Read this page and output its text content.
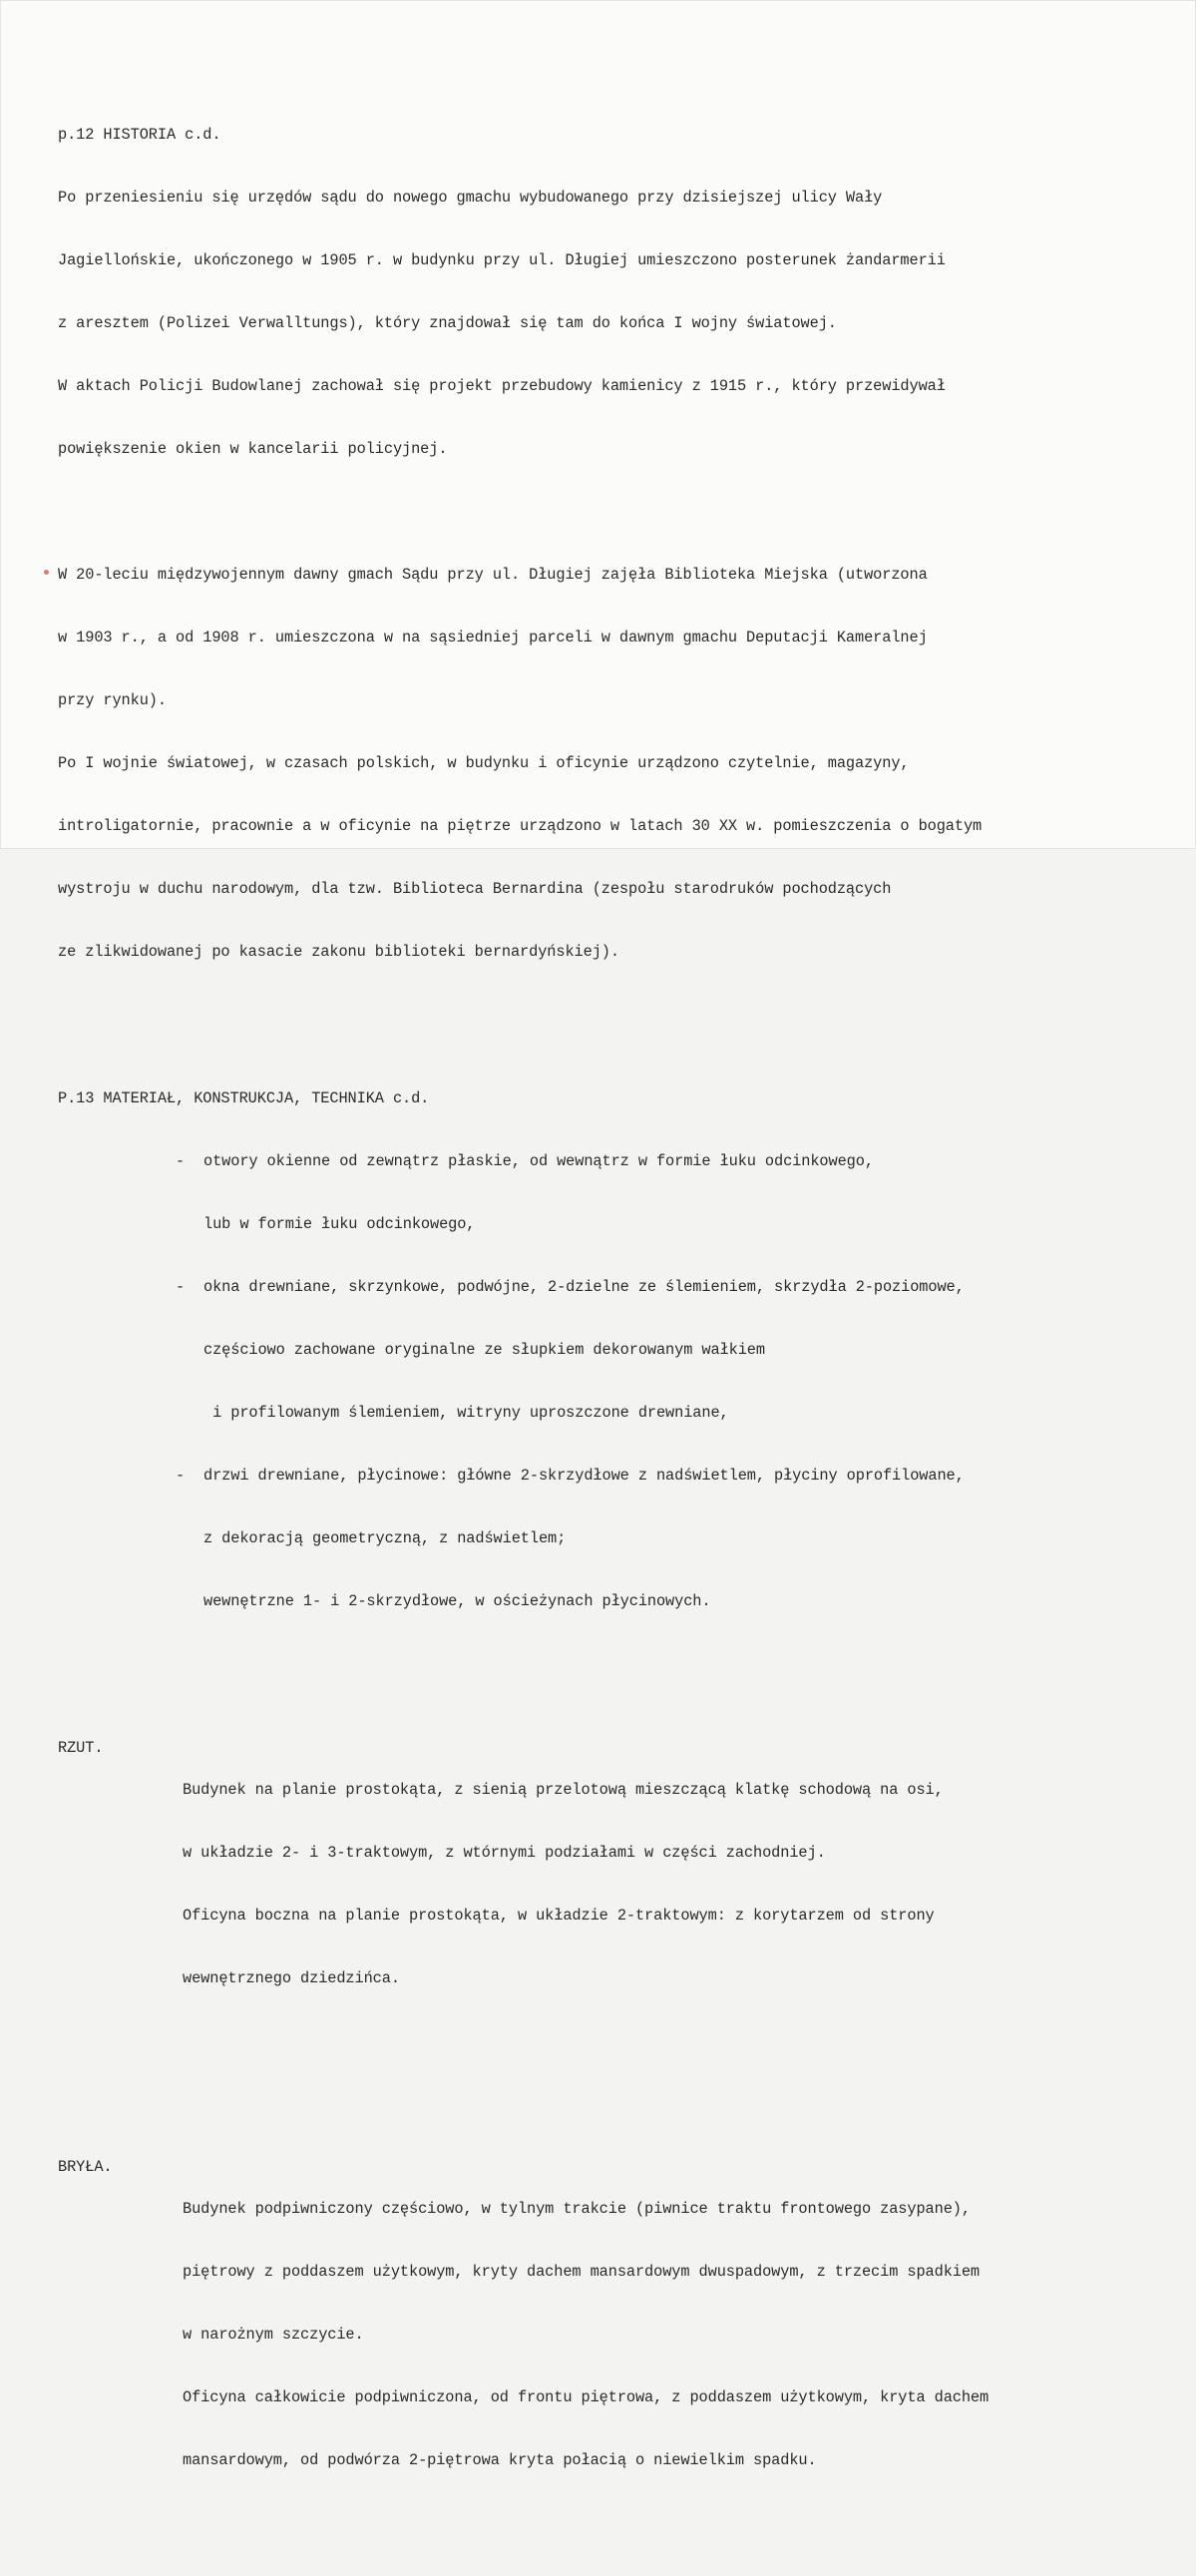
p.12 HISTORIA c.d.

Po przeniesieniu się urzędów sądu do nowego gmachu wybudowanego przy dzisiejszej ulicy Wały

Jagiellońskie, ukończonego w 1905 r. w budynku przy ul. Długiej umieszczono posterunek żandarmerii

z aresztem (Polizei Verwalltungs), który znajdował się tam do końca I wojny światowej.

W aktach Policji Budowlanej zachował się projekt przebudowy kamienicy z 1915 r., który przewidywał

powiększenie okien w kancelarii policyjnej.

W 20-leciu międzywojennym dawny gmach Sądu przy ul. Długiej zajęła Biblioteka Miejska (utworzona

w 1903 r., a od 1908 r. umieszczona w na sąsiedniej parceli w dawnym gmachu Deputacji Kameralnej

przy rynku).

Po I wojnie światowej, w czasach polskich, w budynku i oficynie urządzono czytelnie, magazyny,

introligatornie, pracownie a w oficynie na piętrze urządzono w latach 30 XX w. pomieszczenia o bogatym

wystroju w duchu narodowym, dla tzw. Biblioteca Bernardina (zespołu starodruków pochodzących

ze zlikwidowanej po kasacie zakonu biblioteki bernardyńskiej).

P.13 MATERIAŁ, KONSTRUKCJA, TECHNIKA c.d.

- otwory okienne od zewnątrz płaskie, od wewnątrz w formie łuku odcinkowego,

lub w formie łuku odcinkowego,

- okna drewniane, skrzynkowe, podwójne, 2-dzielne ze ślemieniem, skrzydła 2-poziomowe,

częściowo zachowane oryginalne ze słupkiem dekorowanym wałkiem

i profilowanym ślemieniem, witryny uproszczone drewniane,

- drzwi drewniane, płycinowe: główne 2-skrzydłowe z nadświetlem, płyciny oprofilowane,

z dekoracją geometryczną, z nadświetlem;

wewnętrzne 1- i 2-skrzydłowe, w ościeżynach płycinowych.

RZUT.

Budynek na planie prostokąta, z sienią przelotową mieszczącą klatkę schodową na osi,

w układzie 2- i 3-traktowym, z wtórnymi podziałami w części zachodniej.

Oficyna boczna na planie prostokąta, w układzie 2-traktowym: z korytarzem od strony

wewnętrznego dziedzińca.

BRYŁA.

Budynek podpiwniczony częściowo, w tylnym trakcie (piwnice traktu frontowego zasypane),

piętrowy z poddaszem użytkowym, kryty dachem mansardowym dwuspadowym, z trzecim spadkiem

w narożnym szczycie.

Oficyna całkowicie podpiwniczona, od frontu piętrowa, z poddaszem użytkowym, kryta dachem

mansardowym, od podwórza 2-piętrowa kryta połacią o niewielkim spadku.
